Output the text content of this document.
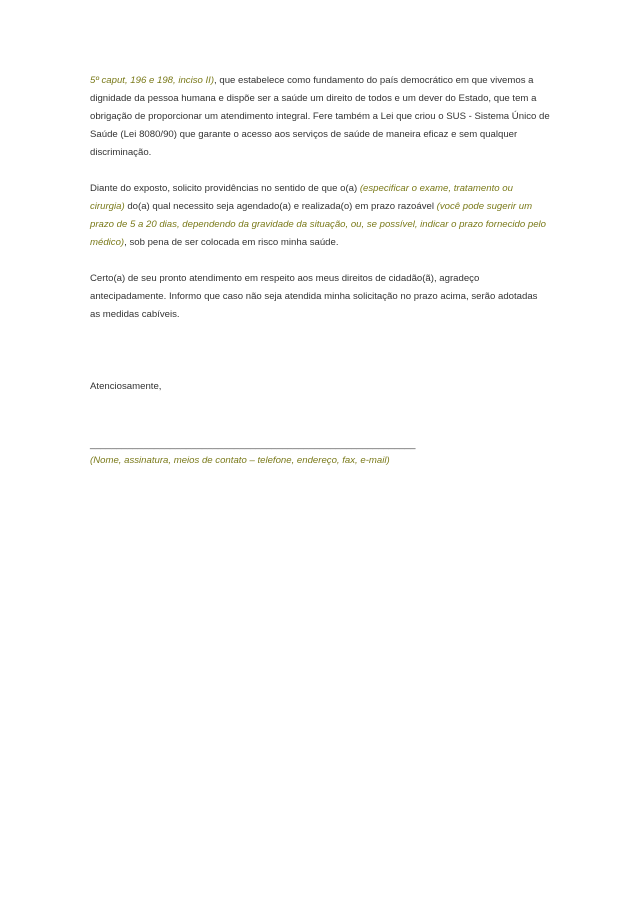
5º caput, 196 e 198, inciso II), que estabelece como fundamento do país democrático em que vivemos a dignidade da pessoa humana e dispõe ser a saúde um direito de todos e um dever do Estado, que tem a obrigação de proporcionar um atendimento integral. Fere também a Lei que criou o SUS - Sistema Único de Saúde (Lei 8080/90) que garante o acesso aos serviços de saúde de maneira eficaz e sem qualquer discriminação.

Diante do exposto, solicito providências no sentido de que o(a) (especificar o exame, tratamento ou cirurgia) do(a) qual necessito seja agendado(a) e realizada(o) em prazo razoável (você pode sugerir um prazo de 5 a 20 dias, dependendo da gravidade da situação, ou, se possível, indicar o prazo fornecido pelo médico), sob pena de ser colocada em risco minha saúde.

Certo(a) de seu pronto atendimento em respeito aos meus direitos de cidadão(ã), agradeço antecipadamente. Informo que caso não seja atendida minha solicitação no prazo acima, serão adotadas as medidas cabíveis.

Atenciosamente,

_____________________________________________________________

(Nome, assinatura, meios de contato – telefone, endereço, fax, e-mail)
